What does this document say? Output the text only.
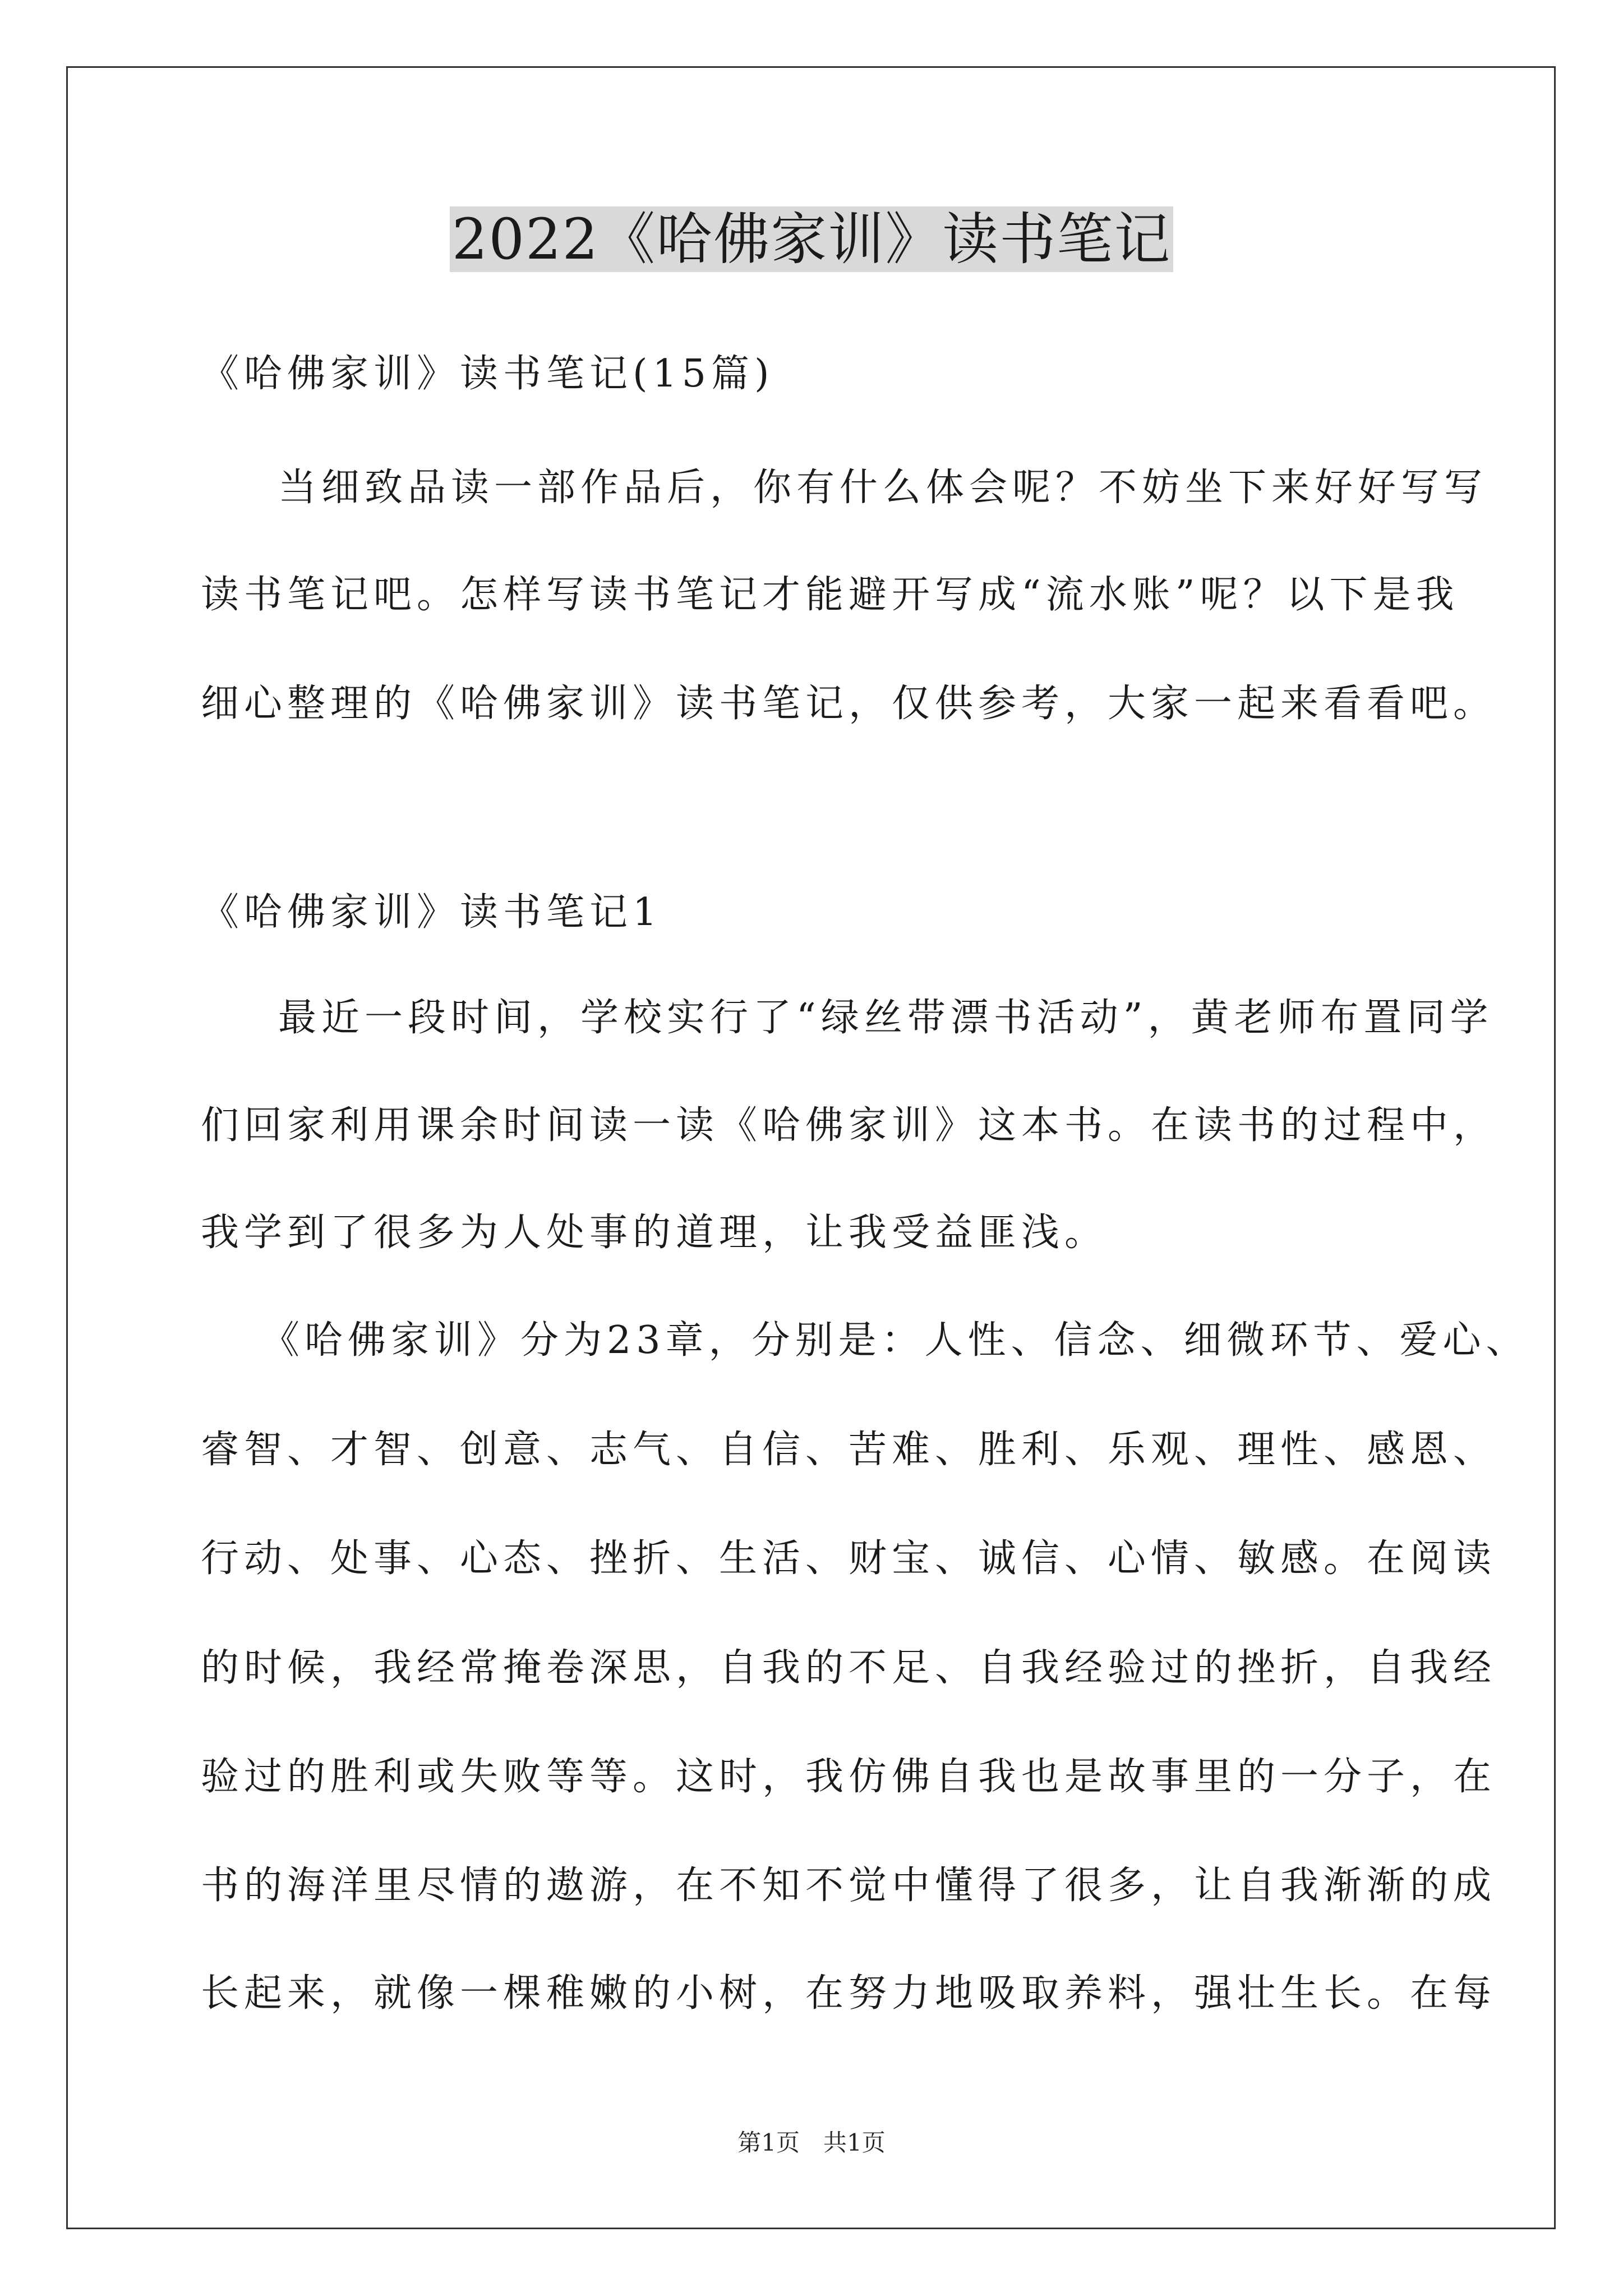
2022《哈佛家训》读书笔记
《哈佛家训》读书笔记(15篇)
当细致品读一部作品后，你有什么体会呢？不妨坐下来好好写写
读书笔记吧。怎样写读书笔记才能避开写成“流水账”呢？以下是我
细心整理的《哈佛家训》读书笔记，仅供参考，大家一起来看看吧。
《哈佛家训》读书笔记1
最近一段时间，学校实行了“绿丝带漂书活动”，黄老师布置同学
们回家利用课余时间读一读《哈佛家训》这本书。在读书的过程中，
我学到了很多为人处事的道理，让我受益匪浅。
《哈佛家训》分为23章，分别是：人性、信念、细微环节、爱心、
睿智、才智、创意、志气、自信、苦难、胜利、乐观、理性、感恩、
行动、处事、心态、挫折、生活、财宝、诚信、心情、敏感。在阅读
的时候，我经常掩卷深思，自我的不足、自我经验过的挫折，自我经
验过的胜利或失败等等。这时，我仿佛自我也是故事里的一分子，在
书的海洋里尽情的遨游，在不知不觉中懂得了很多，让自我渐渐的成
长起来，就像一棵稚嫩的小树，在努力地吸取养料，强壮生长。在每
第1页　共1页
